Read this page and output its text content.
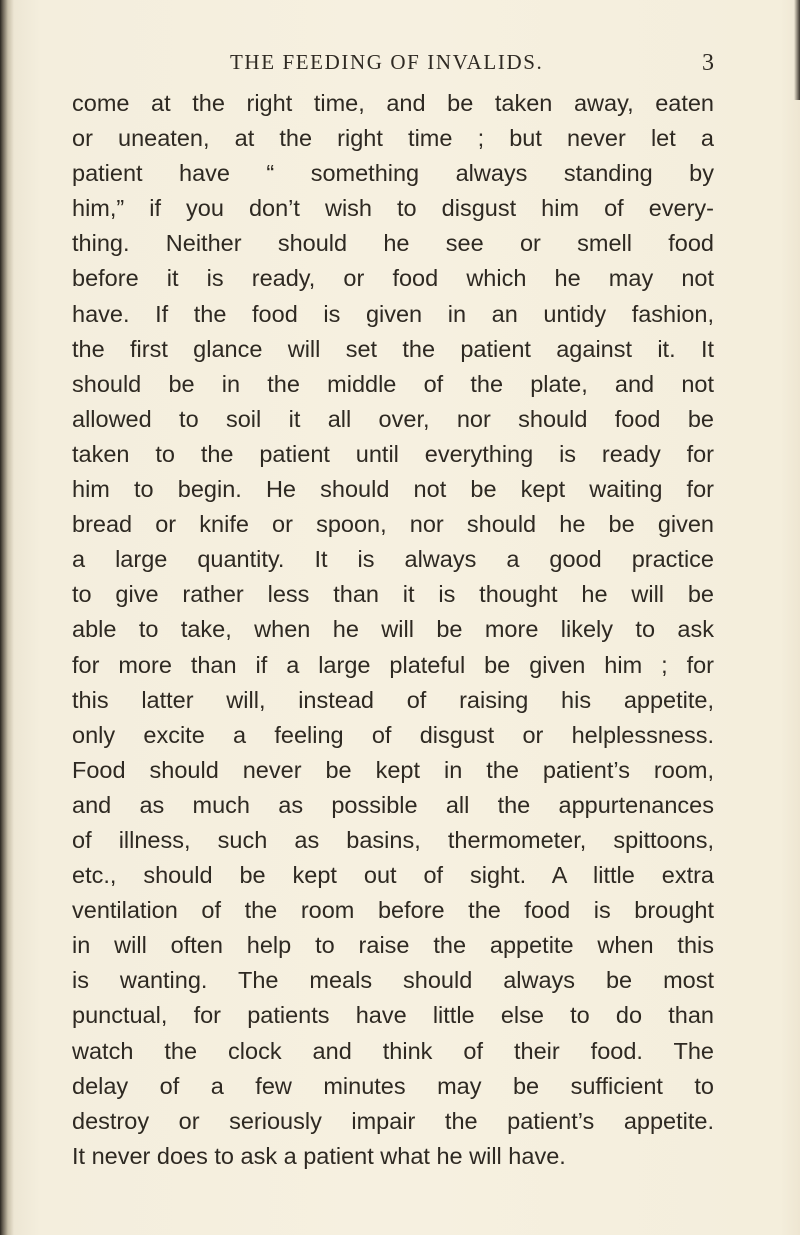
THE FEEDING OF INVALIDS.	3
come at the right time, and be taken away, eaten
or uneaten, at the right time ; but never let a
patient have “ something always standing by
him,” if you don’t wish to disgust him of every-
thing. Neither should he see or smell food
before it is ready, or food which he may not
have. If the food is given in an untidy fashion,
the first glance will set the patient against it. It
should be in the middle of the plate, and not
allowed to soil it all over, nor should food be
taken to the patient until everything is ready for
him to begin. He should not be kept waiting for
bread or knife or spoon, nor should he be given
a large quantity. It is always a good practice
to give rather less than it is thought he will be
able to take, when he will be more likely to ask
for more than if a large plateful be given him ; for
this latter will, instead of raising his appetite,
only excite a feeling of disgust or helplessness.
Food should never be kept in the patient’s room,
and as much as possible all the appurtenances
of illness, such as basins, thermometer, spittoons,
etc., should be kept out of sight. A little extra
ventilation of the room before the food is brought
in will often help to raise the appetite when this
is wanting. The meals should always be most
punctual, for patients have little else to do than
watch the clock and think of their food. The
delay of a few minutes may be sufficient to
destroy or seriously impair the patient’s appetite.
It never does to ask a patient what he will have.
